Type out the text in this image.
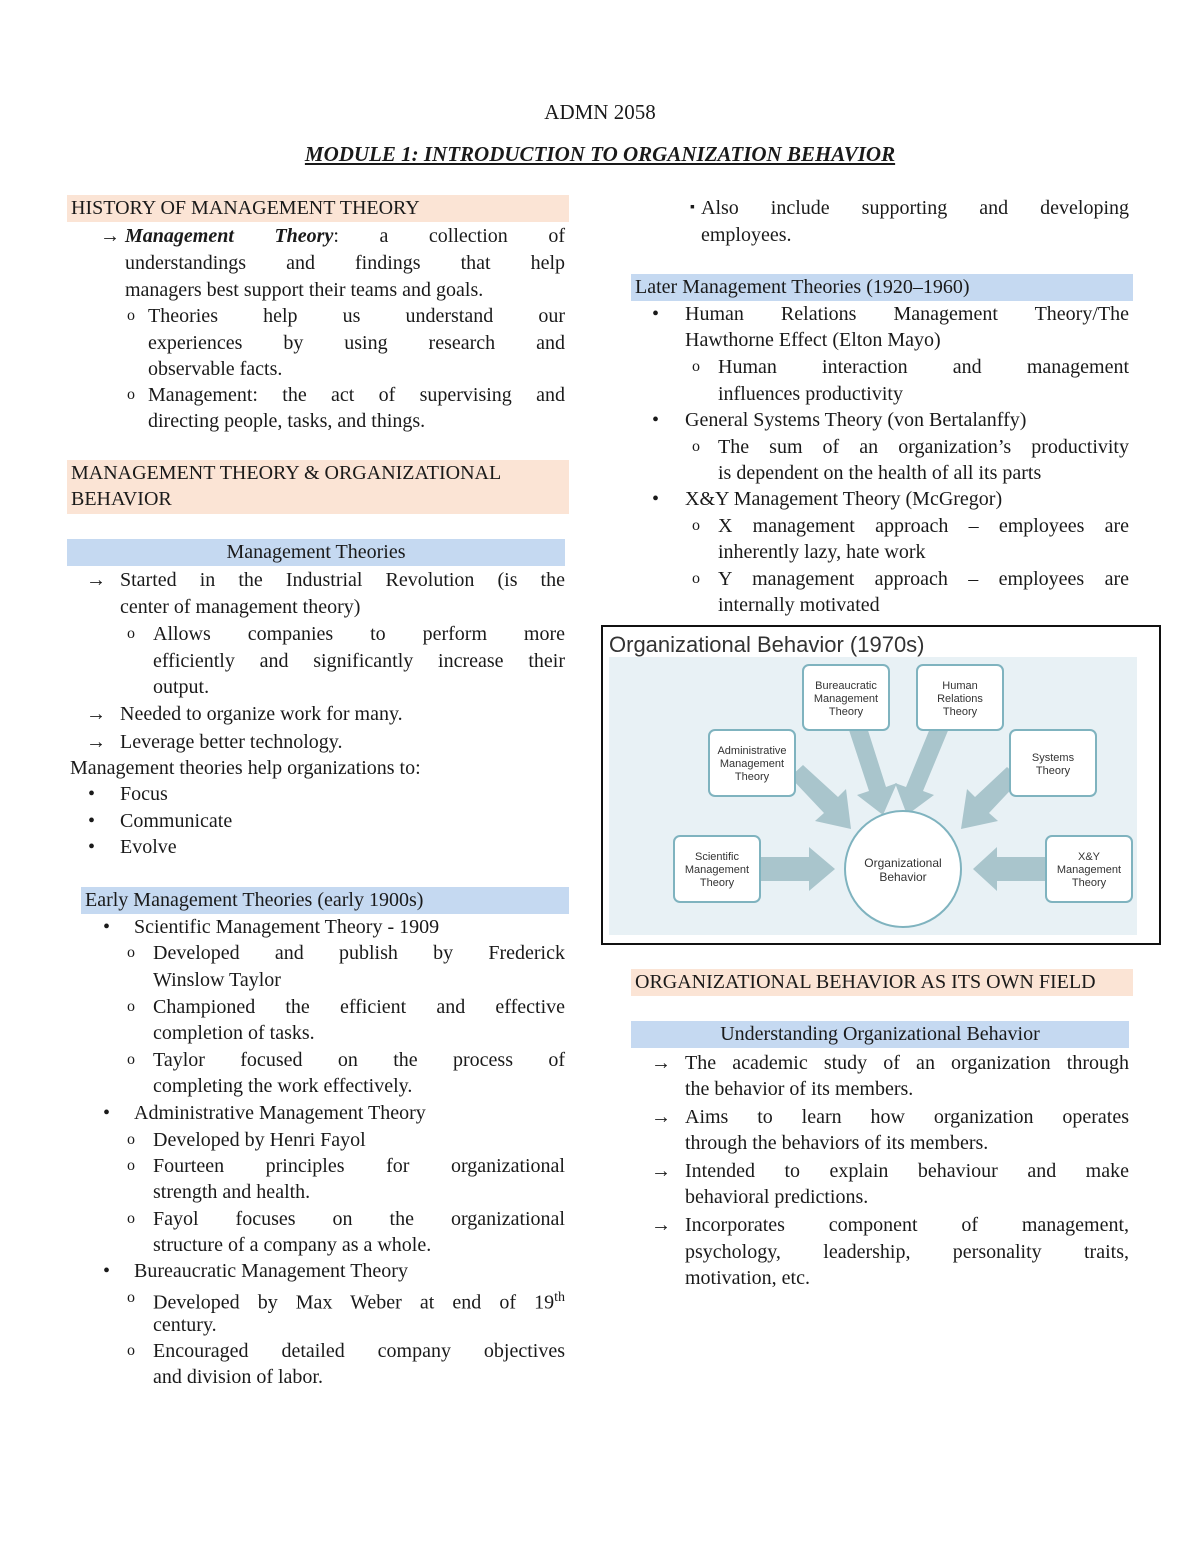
ADMN 2058
MODULE 1: INTRODUCTION TO ORGANIZATION BEHAVIOR
HISTORY OF MANAGEMENT THEORY
→ Management Theory: a collection of
understandings and findings that help
managers best support their teams and goals.
o Theories help us understand our
experiences by using research and
observable facts.
o Management: the act of supervising and
directing people, tasks, and things.
MANAGEMENT THEORY & ORGANIZATIONAL
BEHAVIOR
Management Theories
→ Started in the Industrial Revolution (is the
center of management theory)
o Allows companies to perform more
efficiently and significantly increase their
output.
→ Needed to organize work for many.
→ Leverage better technology.
Management theories help organizations to:
• Focus
• Communicate
• Evolve
Early Management Theories (early 1900s)
• Scientific Management Theory - 1909
o Developed and publish by Frederick
Winslow Taylor
o Championed the efficient and effective
completion of tasks.
o Taylor focused on the process of
completing the work effectively.
• Administrative Management Theory
o Developed by Henri Fayol
o Fourteen principles for organizational
strength and health.
o Fayol focuses on the organizational
structure of a company as a whole.
• Bureaucratic Management Theory
o Developed by Max Weber at end of 19th
century.
o Encouraged detailed company objectives
and division of labor.
▪ Also include supporting and developing
employees.
Later Management Theories (1920–1960)
• Human Relations Management Theory/The
Hawthorne Effect (Elton Mayo)
o Human interaction and management
influences productivity
• General Systems Theory (von Bertalanffy)
o The sum of an organization’s productivity
is dependent on the health of all its parts
• X&Y Management Theory (McGregor)
o X management approach – employees are
inherently lazy, hate work
o Y management approach – employees are
internally motivated
Organizational Behavior (1970s)
Bureaucratic
Management
Theory
Human
Relations
Theory
Administrative
Management
Theory
Systems
Theory
Scientific
Management
Theory
X&Y
Management
Theory
Organizational
Behavior
ORGANIZATIONAL BEHAVIOR AS ITS OWN FIELD
Understanding Organizational Behavior
→ The academic study of an organization through
the behavior of its members.
→ Aims to learn how organization operates
through the behaviors of its members.
→ Intended to explain behaviour and make
behavioral predictions.
→ Incorporates component of management,
psychology, leadership, personality traits,
motivation, etc.
